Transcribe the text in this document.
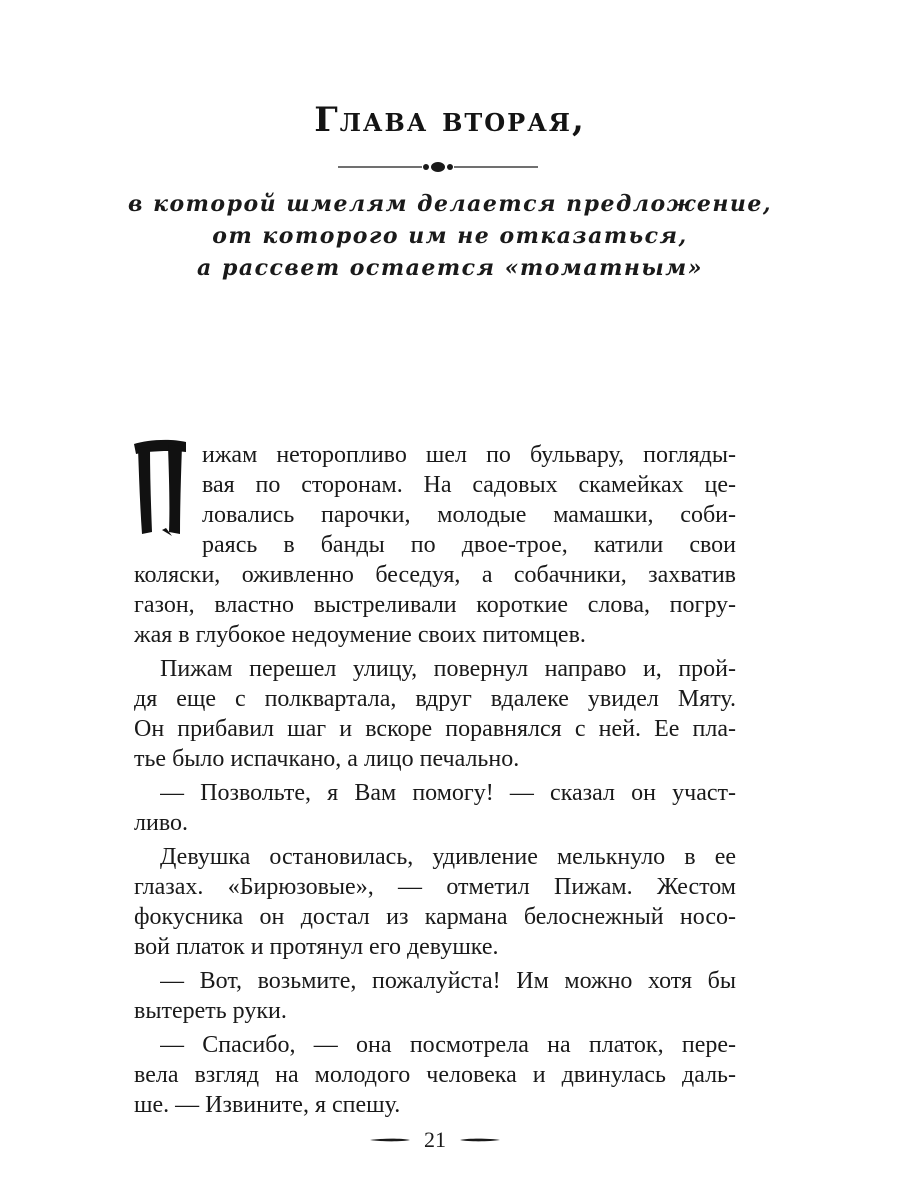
Глава вторая,
в которой шмелям делается предложение,
от которого им не отказаться,
а рассвет остается «томатным»
ижам неторопливо шел по бульвару, погляды-
вая по сторонам. На садовых скамейках це-
ловались парочки, молодые мамашки, соби-
раясь в банды по двое-трое, катили свои
коляски, оживленно беседуя, а собачники, захватив
газон, властно выстреливали короткие слова, погру-
жая в глубокое недоумение своих питомцев.
Пижам перешел улицу, повернул направо и, прой-
дя еще с полквартала, вдруг вдалеке увидел Мяту.
Он прибавил шаг и вскоре поравнялся с ней. Ее пла-
тье было испачкано, а лицо печально.
— Позвольте, я Вам помогу! — сказал он участ-
ливо.
Девушка остановилась, удивление мелькнуло в ее
глазах. «Бирюзовые», — отметил Пижам. Жестом
фокусника он достал из кармана белоснежный носо-
вой платок и протянул его девушке.
— Вот, возьмите, пожалуйста! Им можно хотя бы
вытереть руки.
— Спасибо, — она посмотрела на платок, пере-
вела взгляд на молодого человека и двинулась даль-
ше. — Извините, я спешу.
21
